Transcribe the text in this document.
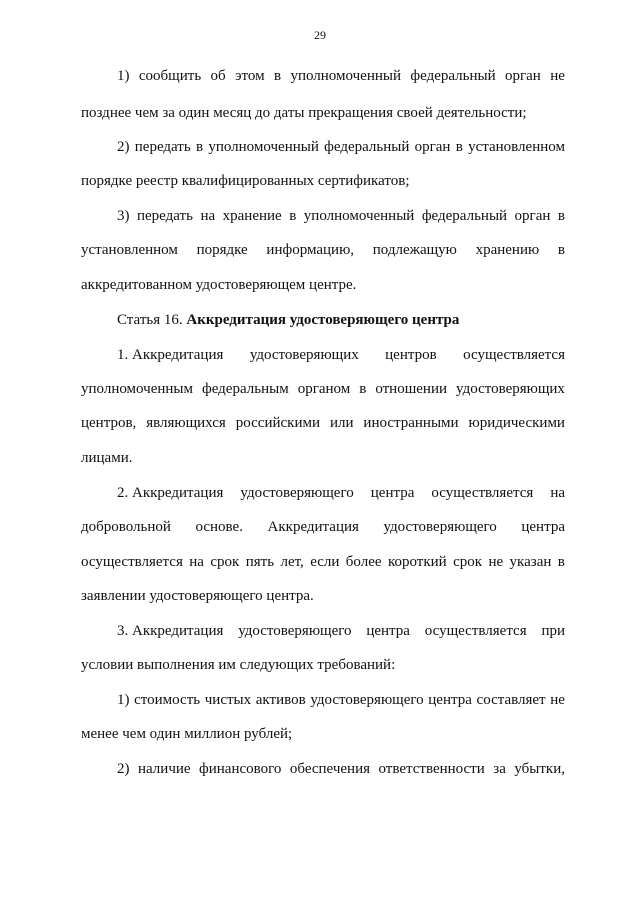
29
1) сообщить об этом в уполномоченный федеральный орган не
позднее чем за один месяц до даты прекращения своей деятельности;
2) передать в уполномоченный федеральный орган в установленном
порядке реестр квалифицированных сертификатов;
3) передать на хранение в уполномоченный федеральный орган в
установленном порядке информацию, подлежащую хранению в
аккредитованном удостоверяющем центре.
Статья 16. Аккредитация удостоверяющего центра
1. Аккредитация удостоверяющих центров осуществляется
уполномоченным федеральным органом в отношении удостоверяющих
центров, являющихся российскими или иностранными юридическими
лицами.
2. Аккредитация удостоверяющего центра осуществляется на
добровольной основе. Аккредитация удостоверяющего центра
осуществляется на срок пять лет, если более короткий срок не указан в
заявлении удостоверяющего центра.
3. Аккредитация удостоверяющего центра осуществляется при
условии выполнения им следующих требований:
1) стоимость чистых активов удостоверяющего центра составляет не
менее чем один миллион рублей;
2) наличие финансового обеспечения ответственности за убытки,
